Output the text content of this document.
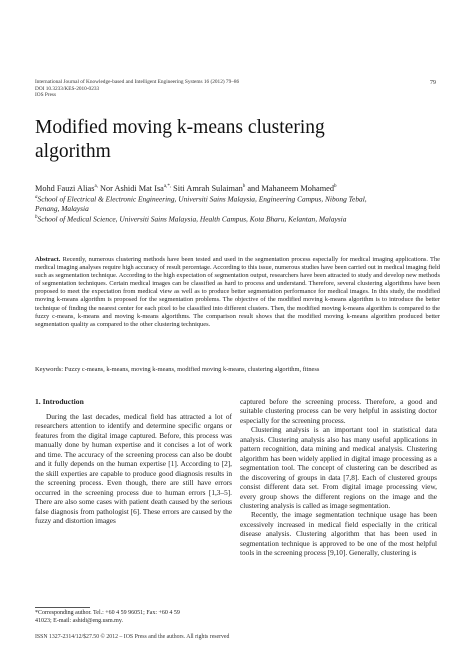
International Journal of Knowledge-based and Intelligent Engineering Systems 16 (2012) 79–86
DOI 10.3233/KES-2010-0233
IOS Press
79
Modified moving k-means clustering
algorithm
Mohd Fauzi Alias$^{a,}$ Nor Ashidi Mat Isa$^{a,*,}$ Siti Amrah Sulaiman$^b$ and Mahaneem Mohamed$^b$
$^a$School of Electrical & Electronic Engineering, Universiti Sains Malaysia, Engineering Campus, Nibong Tebal,
Penang, Malaysia
$^b$School of Medical Science, Universiti Sains Malaysia, Health Campus, Kota Bharu, Kelantan, Malaysia
Abstract. Recently, numerous clustering methods have been tested and used in the segmentation process especially for medical imaging applications. The medical imaging analyses require high accuracy of result percentage. According to this issue, numerous studies have been carried out in medical imaging field such as segmentation technique. According to the high expectation of segmentation output, researchers have been attracted to study and develop new methods of segmentation techniques. Certain medical images can be classified as hard to process and understand. Therefore, several clustering algorithms have been proposed to meet the expectation from medical view as well as to produce better segmentation performance for medical images. In this study, the modified moving k-means algorithm is proposed for the segmentation problems. The objective of the modified moving k-means algorithm is to introduce the better technique of finding the nearest center for each pixel to be classified into different clusters. Then, the modified moving k-means algorithm is compared to the fuzzy c-means, k-means and moving k-means algorithms. The comparison result shows that the modified moving k-means algorithm produced better segmentation quality as compared to the other clustering techniques.
Keywords: Fuzzy c-means, k-means, moving k-means, modified moving k-means, clustering algorithm, fitness
1. Introduction

During the last decades, medical field has attracted a lot of researchers attention to identify and determine specific organs or features from the digital image captured. Before, this process was manually done by human expertise and it concises a lot of work and time. The accuracy of the screening process can also be doubt and it fully depends on the human expertise [1]. According to [2], the skill experties are capable to produce good diagnosis results in the screening process. Even though, there are still have errors occurred in the screening process due to human errors [1,3–5]. There are also some cases with patient death caused by the serious false diagnosis from pathologist [6]. These errors are caused by the fuzzy and distortion images

captured before the screening process. Therefore, a good and suitable clustering process can be very helpful in assisting doctor especially for the screening process.

Clustering analysis is an important tool in statistical data analysis. Clustering analysis also has many useful applications in pattern recognition, data mining and medical analysis. Clustering algorithm has been widely applied in digital image processing as a segmentation tool. The concept of clustering can be described as the discovering of groups in data [7,8]. Each of clustered groups consist different data set. From digital image processing view, every group shows the different regions on the image and the clustering analysis is called as image segmentation.

Recently, the image segmentation technique usage has been excessively increased in medical field especially in the critical disease analysis. Clustering algorithm that has been used in segmentation technique is approved to be one of the most helpful tools in the screening process [9,10]. Generally, clustering is

*Corresponding author. Tel.: +60 4 59 96051; Fax: +60 4 59
41023; E-mail: ashidi@eng.usm.my.
ISSN 1327-2314/12/$27.50 © 2012 – IOS Press and the authors. All rights reserved
